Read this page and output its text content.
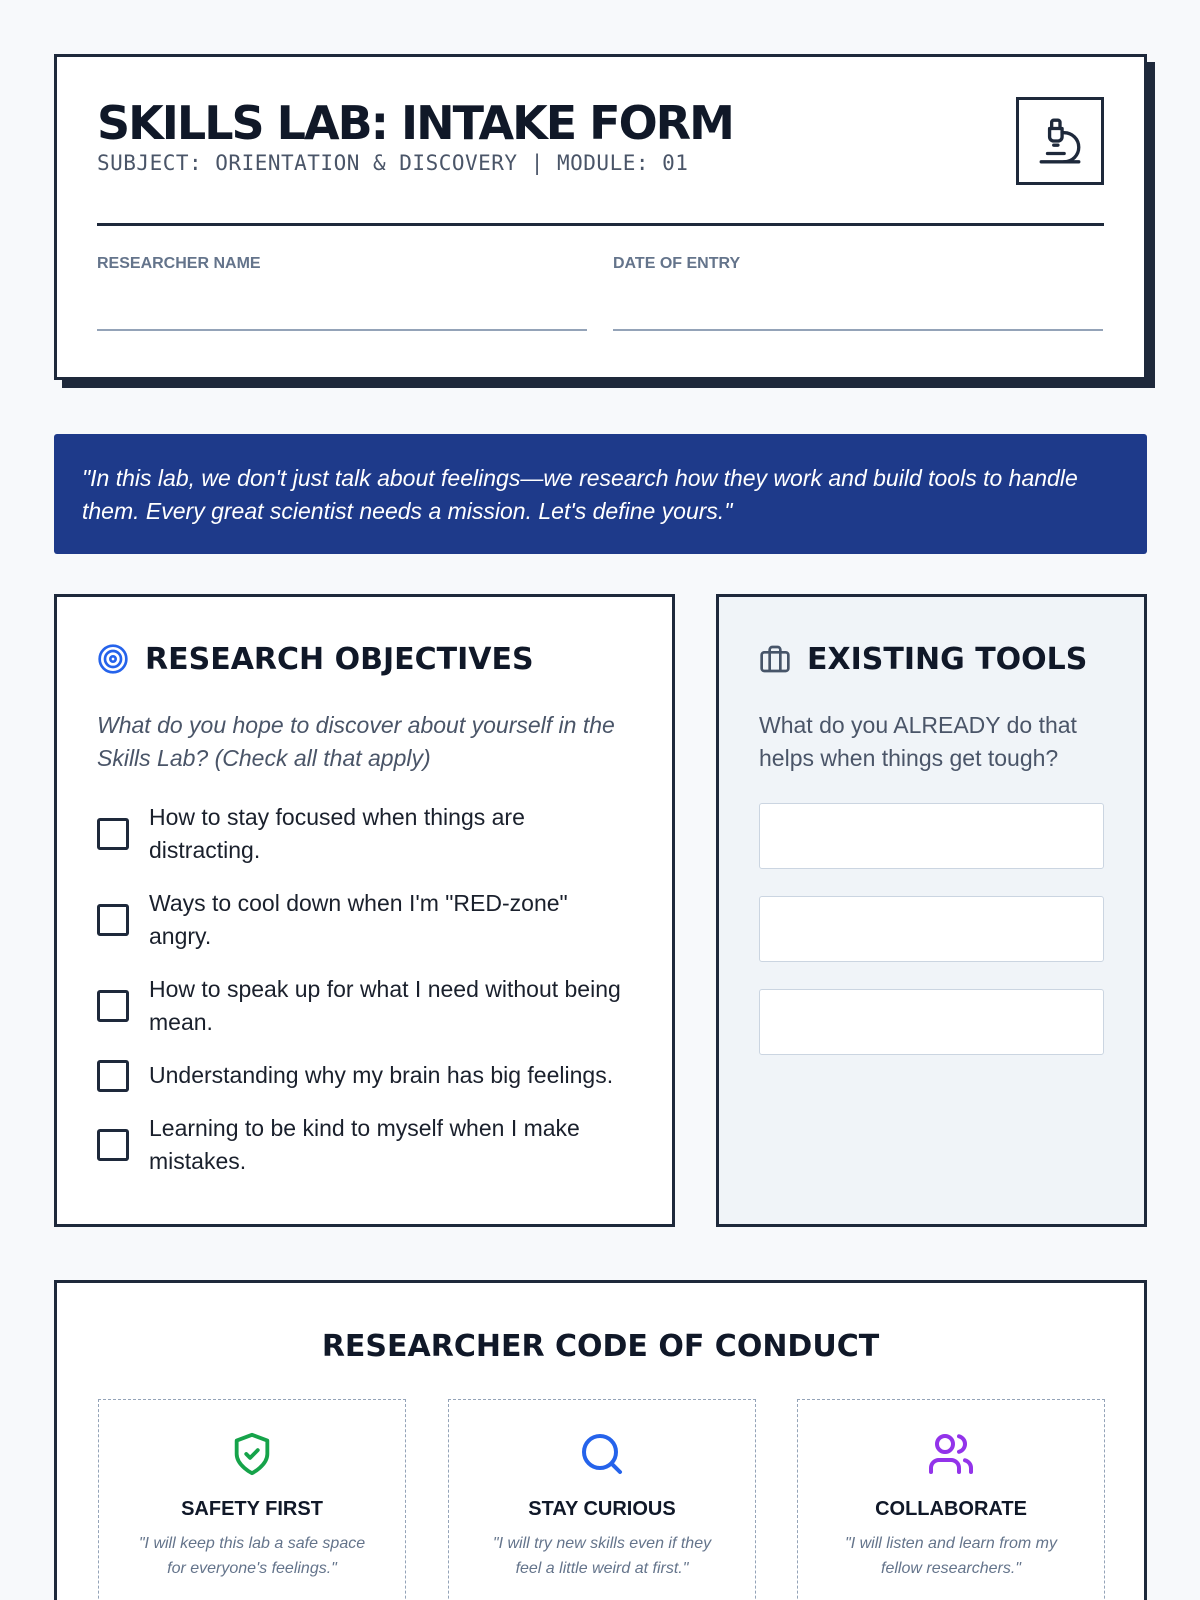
SKILLS LAB: INTAKE FORM
SUBJECT: ORIENTATION & DISCOVERY | MODULE: 01
RESEARCHER NAME	DATE OF ENTRY
"In this lab, we don't just talk about feelings—we research how they work and build tools to handle them. Every great scientist needs a mission. Let's define yours."
RESEARCH OBJECTIVES
What do you hope to discover about yourself in the Skills Lab? (Check all that apply)
How to stay focused when things are distracting.
Ways to cool down when I'm "RED-zone" angry.
How to speak up for what I need without being mean.
Understanding why my brain has big feelings.
Learning to be kind to myself when I make mistakes.
EXISTING TOOLS
What do you ALREADY do that helps when things get tough?
RESEARCHER CODE OF CONDUCT
SAFETY FIRST
"I will keep this lab a safe space for everyone's feelings."
STAY CURIOUS
"I will try new skills even if they feel a little weird at first."
COLLABORATE
"I will listen and learn from my fellow researchers."
